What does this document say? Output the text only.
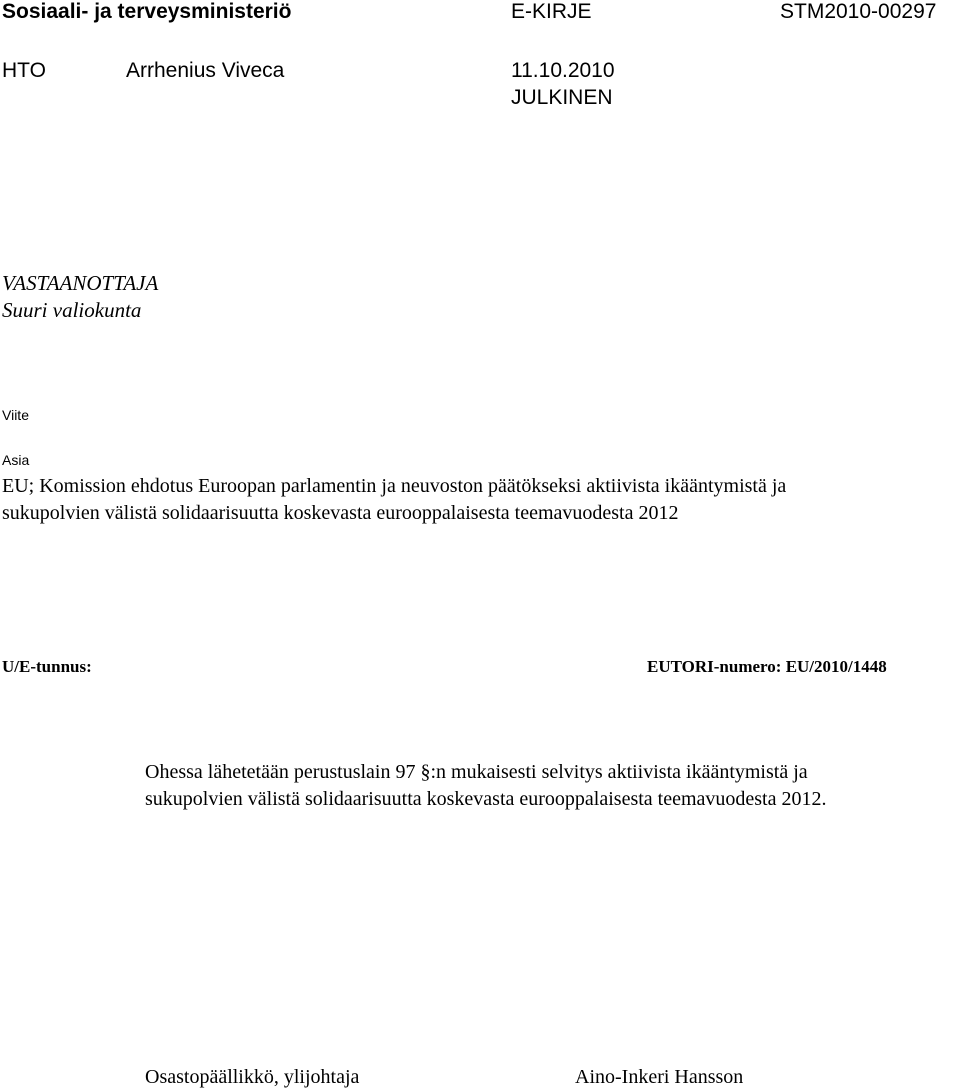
Sosiaali- ja terveysministeriö	E-KIRJE	STM2010-00297
HTO	Arrhenius Viveca	11.10.2010
JULKINEN
VASTAANOTTAJA
Suuri valiokunta
Viite
Asia
EU; Komission ehdotus Euroopan parlamentin ja neuvoston päätökseksi aktiivista ikääntymistä ja
sukupolvien välistä solidaarisuutta koskevasta eurooppalaisesta teemavuodesta 2012
U/E-tunnus:	EUTORI-numero: EU/2010/1448
Ohessa lähetetään perustuslain 97 §:n mukaisesti selvitys aktiivista ikääntymistä ja
sukupolvien välistä solidaarisuutta koskevasta eurooppalaisesta teemavuodesta 2012.
Osastopäällikkö, ylijohtaja	Aino-Inkeri Hansson
